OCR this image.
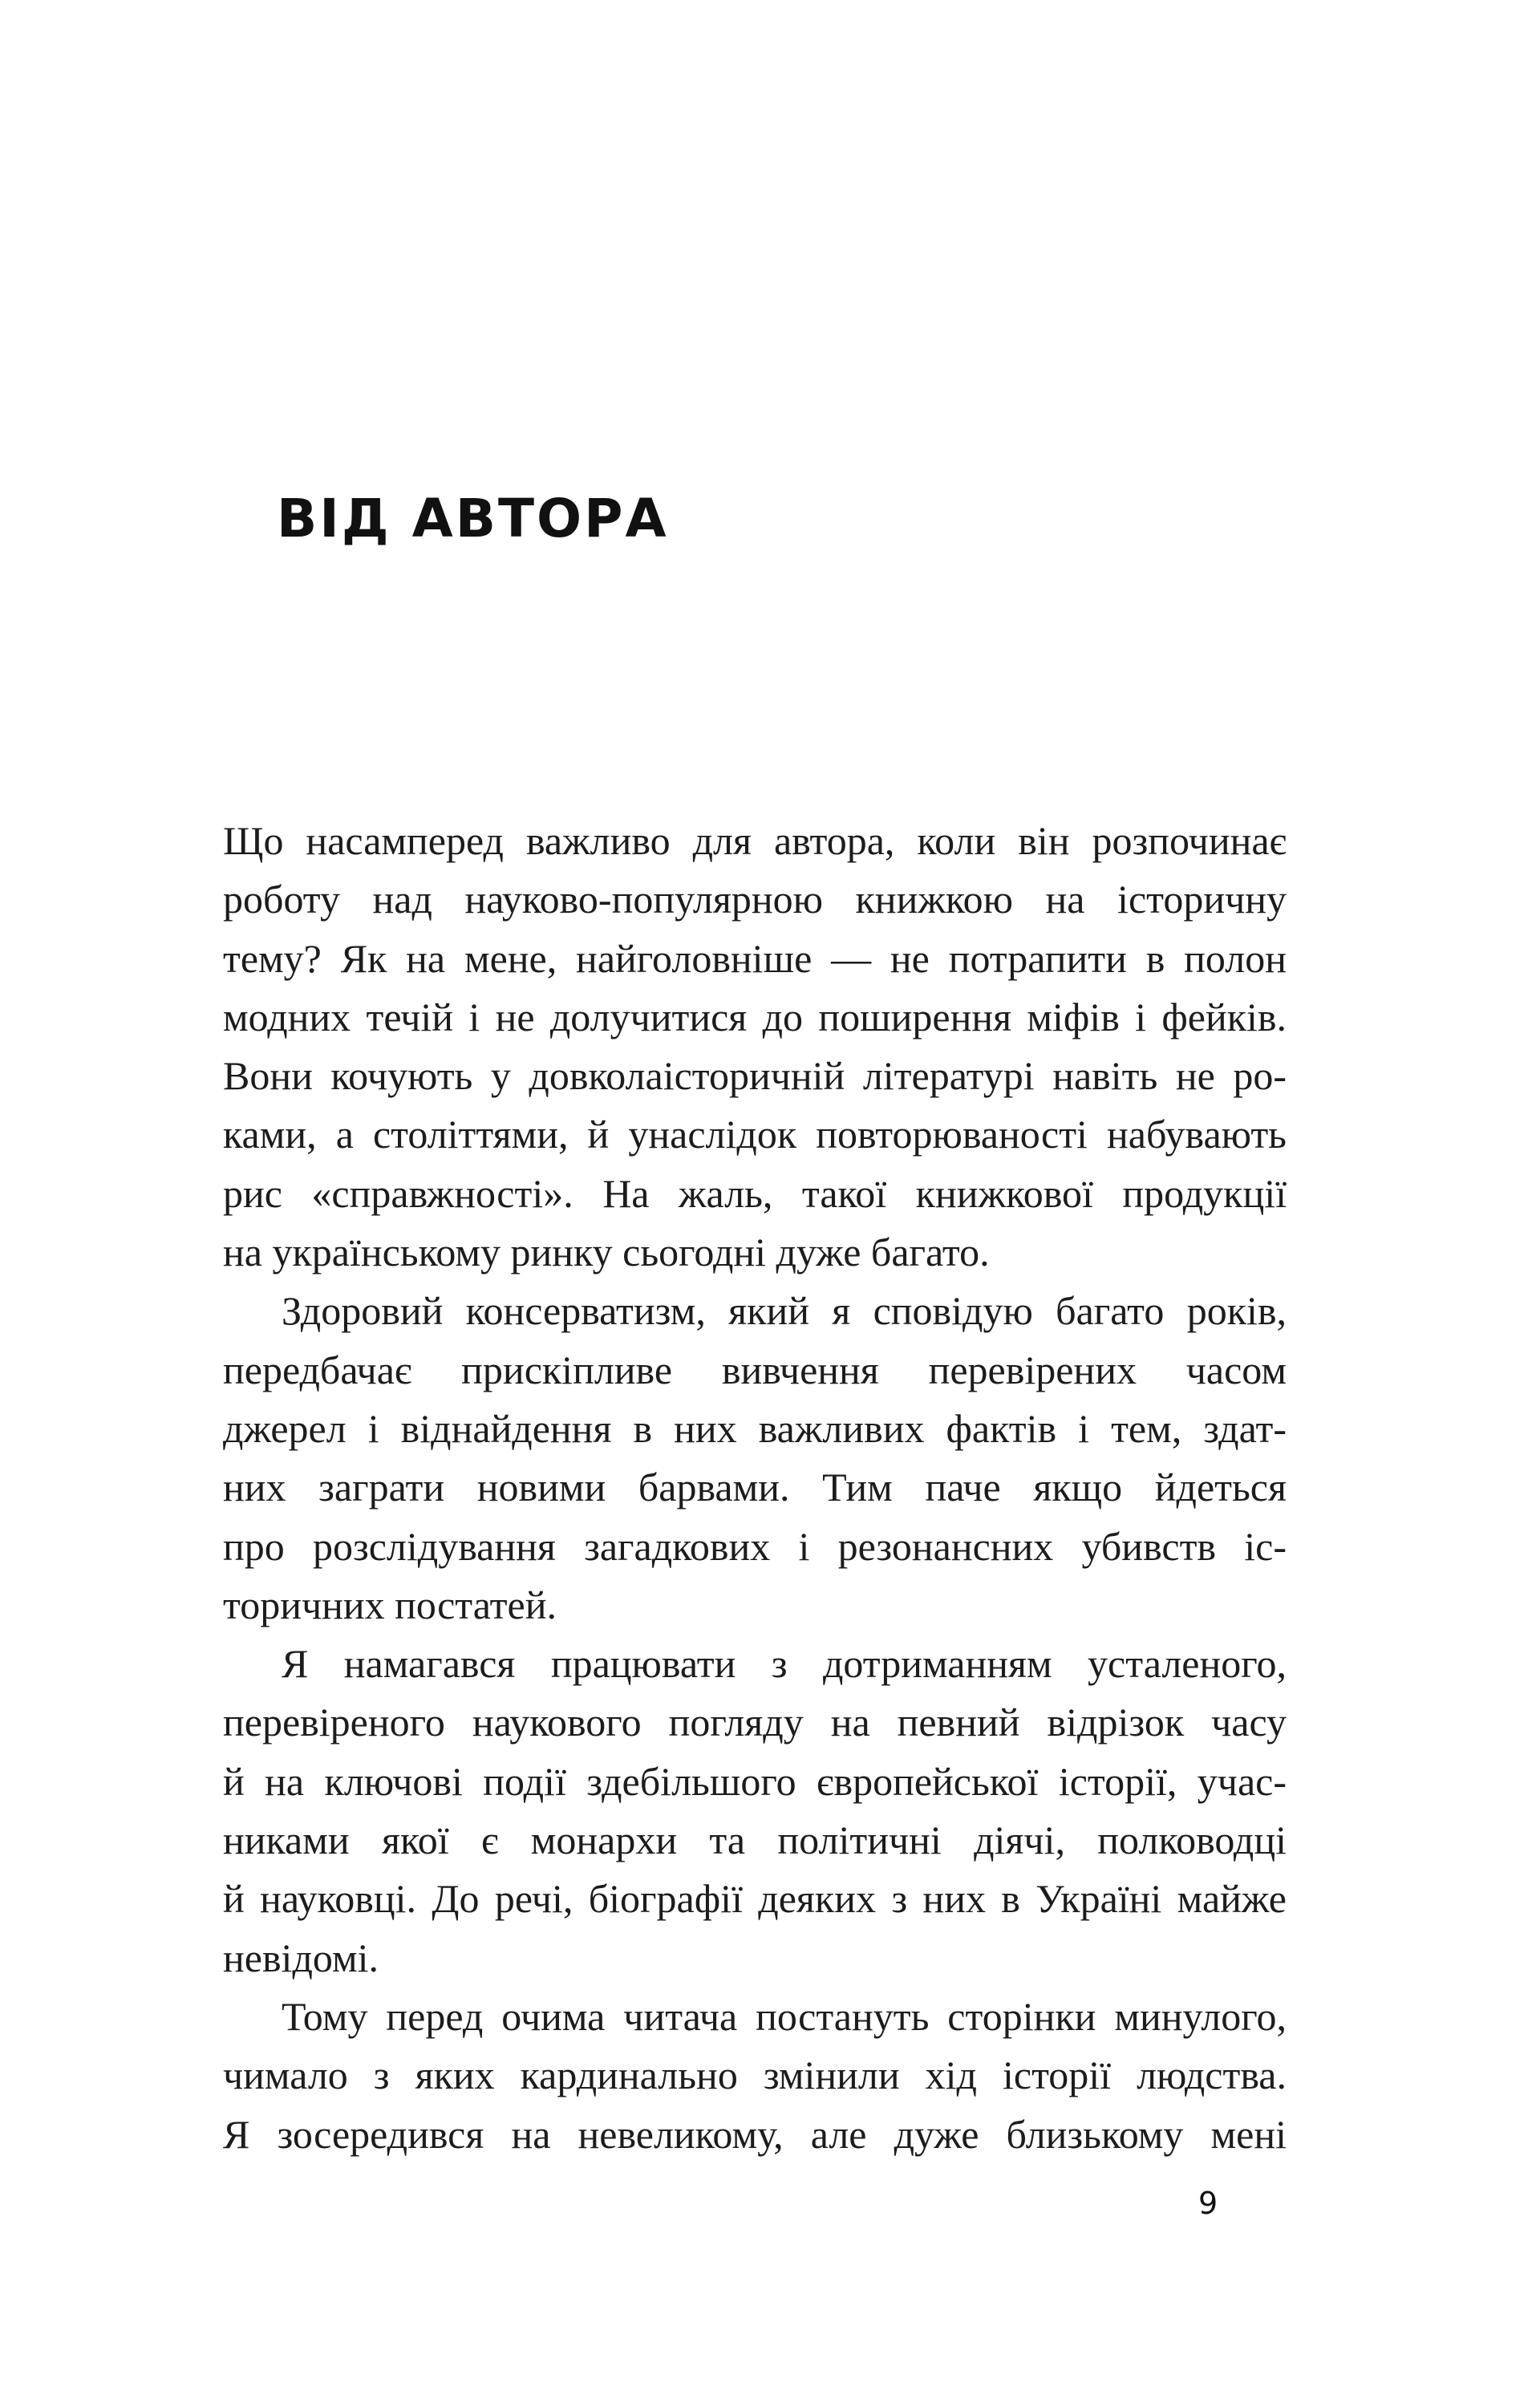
ВІД АВТОРА
Що насамперед важливо для автора, коли він розпочинає
роботу над науково-популярною книжкою на історичну
тему? Як на мене, найголовніше — не потрапити в полон
модних течій і не долучитися до поширення міфів і фейків.
Вони кочують у довколаісторичній літературі навіть не ро-
ками, а століттями, й унаслідок повторюваності набувають
рис «справжності». На жаль, такої книжкової продукції
на українському ринку сьогодні дуже багато.
Здоровий консерватизм, який я сповідую багато років,
передбачає прискіпливе вивчення перевірених часом
джерел і віднайдення в них важливих фактів і тем, здат-
них заграти новими барвами. Тим паче якщо йдеться
про розслідування загадкових і резонансних убивств іс-
торичних постатей.
Я намагався працювати з дотриманням усталеного,
перевіреного наукового погляду на певний відрізок часу
й на ключові події здебільшого європейської історії, учас-
никами якої є монархи та політичні діячі, полководці
й науковці. До речі, біографії деяких з них в Україні майже
невідомі.
Тому перед очима читача постануть сторінки минулого,
чимало з яких кардинально змінили хід історії людства.
Я зосередився на невеликому, але дуже близькому мені
9
